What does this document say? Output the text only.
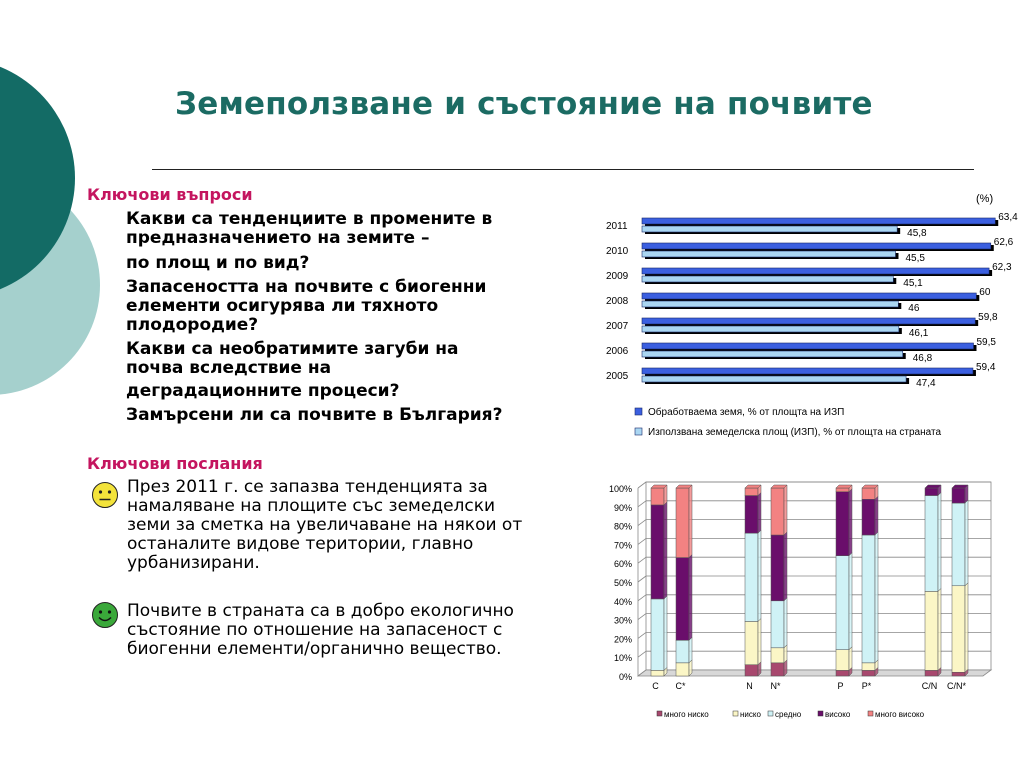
Земеползване и състояние на почвите
Ключови въпроси
Какви са тенденциите в промените в
предназначението на земите –
по площ и по вид?
Запасеността на почвите с биогенни
елементи осигурява ли тяхното
плодородие?
Какви са необратимите загуби на
почва вследствие на
деградационните процеси?
Замърсени ли са почвите в България?
Ключови послания
През 2011 г. се запазва тенденцията за
намаляване на площите със земеделски
земи за сметка на увеличаване на някои от
останалите видове територии, главно
урбанизирани.
Почвите в страната са в добро екологично
състояние по отношение на запасеност с
биогенни елементи/органично вещество.
(%)
2011
63,4
45,8
2010
62,6
45,5
2009
62,3
45,1
2008
60
46
2007
59,8
46,1
2006
59,5
46,8
2005
59,4
47,4
Обработваема земя, % от площта на ИЗП
Използвана земеделска площ (ИЗП), % от площта на страната
0%
10%
20%
30%
40%
50%
60%
70%
80%
90%
100%
C C*	N N*	P P*	C/N C/N*
много ниско	ниско средно	високо	много високо
